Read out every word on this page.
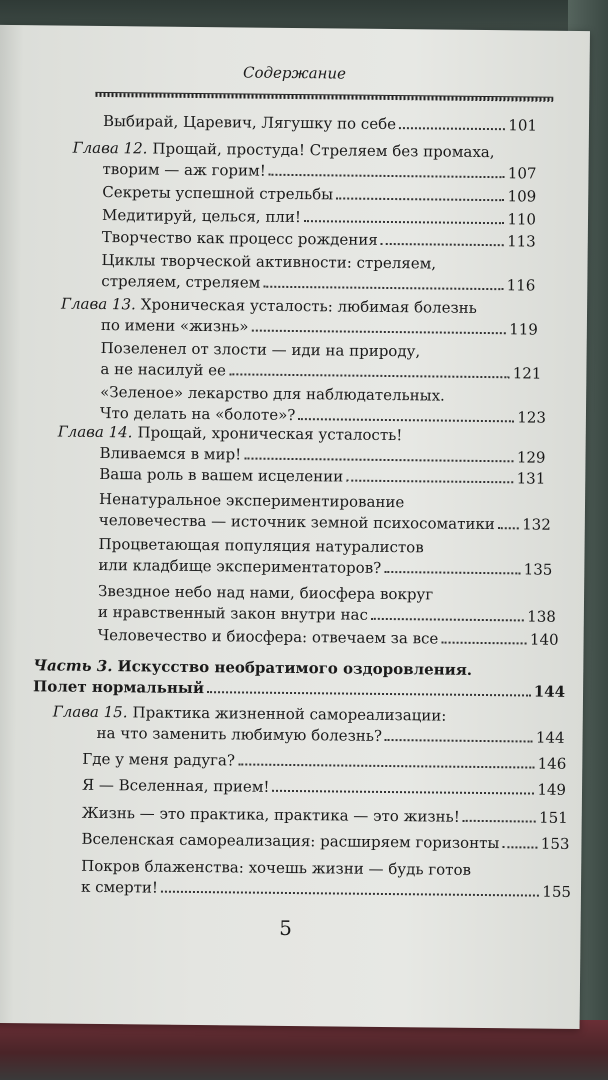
Содержание
Выбирай, Царевич, Лягушку по себе	101
Глава 12. Прощай, простуда! Стреляем без промаха,
творим — аж горим!	107
Секреты успешной стрельбы	109
Медитируй, целься, пли!	110
Творчество как процесс рождения	113
Циклы творческой активности: стреляем,
стреляем, стреляем	116
Глава 13. Хроническая усталость: любимая болезнь
по имени «жизнь»	119
Позеленел от злости — иди на природу,
а не насилуй ее	121
«Зеленое» лекарство для наблюдательных.
Что делать на «болоте»?	123
Глава 14. Прощай, хроническая усталость!
Вливаемся в мир!	129
Ваша роль в вашем исцелении	131
Ненатуральное экспериментирование
человечества — источник земной психосоматики 132
Процветающая популяция натуралистов
или кладбище экспериментаторов?	135
Звездное небо над нами, биосфера вокруг
и нравственный закон внутри нас	138
Человечество и биосфера: отвечаем за все	140
Часть 3. Искусство необратимого оздоровления.
Полет нормальный	144
Глава 15. Практика жизненной самореализации:
на что заменить любимую болезнь?	144
Где у меня радуга?	146
Я — Вселенная, прием!	149
Жизнь — это практика, практика — это жизнь!	151
Вселенская самореализация: расширяем горизонты	153
Покров блаженства: хочешь жизни — будь готов
к смерти!	155
5
